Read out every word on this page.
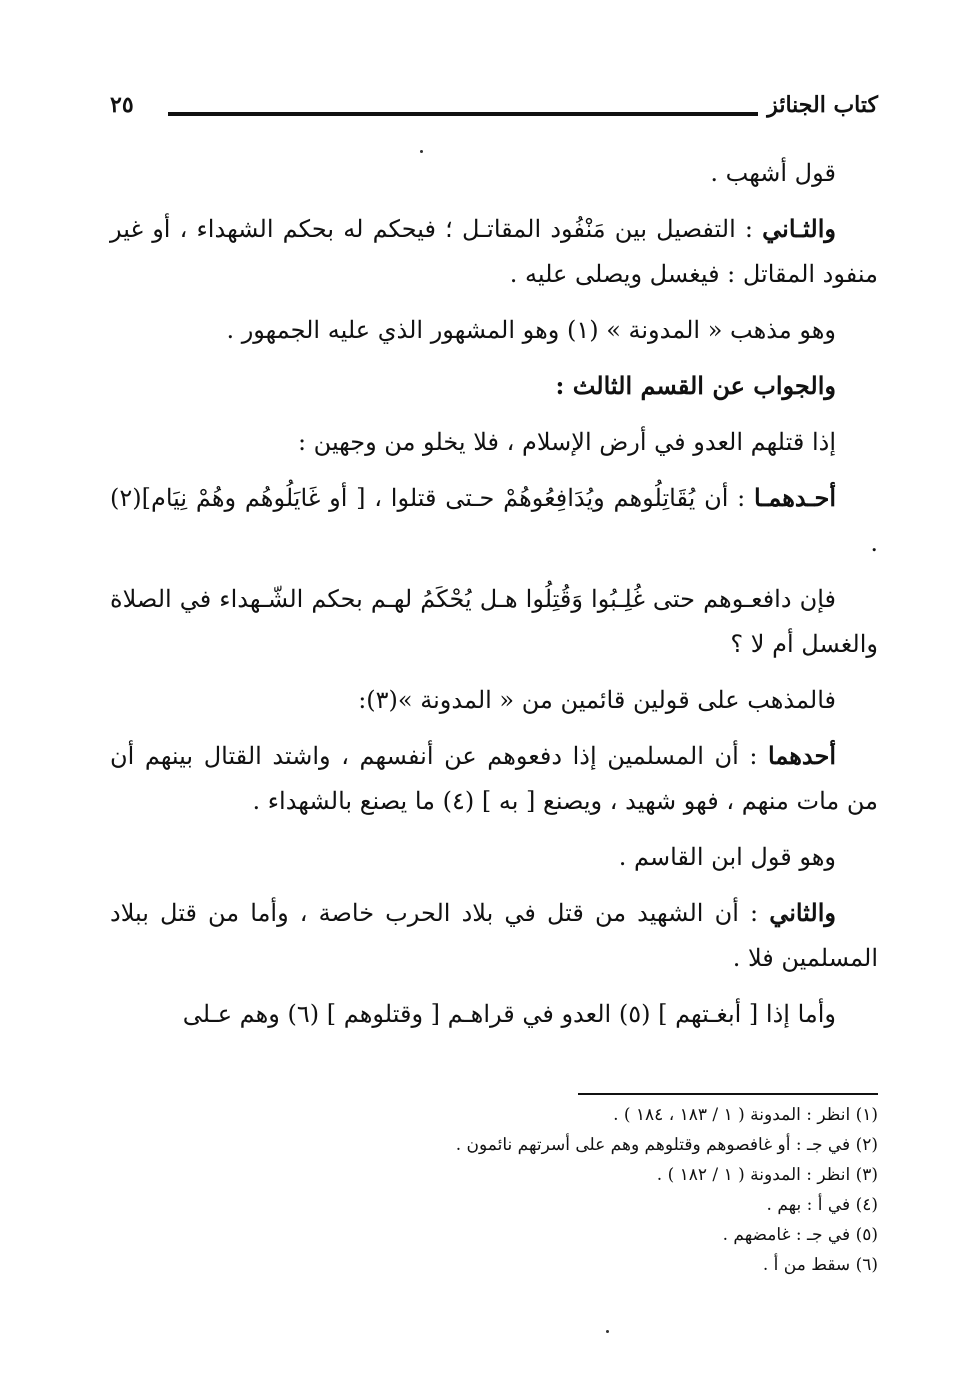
كتاب الجنائز
٢٥

قول أشهب .

والثـاني : التفصيل بين مَنْفُود المقاتـل ؛ فيحكم له بحكم الشهداء ، أو غير منفود المقاتل : فيغسل ويصلى عليه .

وهو مذهب « المدونة » (١) وهو المشهور الذي عليه الجمهور .

والجواب عن القسم الثالث :

إذا قتلهم العدو في أرض الإسلام ، فلا يخلو من وجهين :

أحـدهمـا : أن يُقَاتِلُوهم ويُدَافِعُوهُمْ حـتى قتلوا ، [ أو غَايَلُوهُم وهُمْ نِيَام](٢) .

فإن دافعـوهم حتى غُلِـبُوا وَقُتِلُوا هـل يُحْكَمُ لهـم بحكم الشّـهداء في الصلاة والغسل أم لا ؟

فالمذهب على قولين قائمين من « المدونة »(٣):

أحدهما : أن المسلمين إذا دفعوهم عن أنفسهم ، واشتد القتال بينهم أن من مات منهم ، فهو شهيد ، ويصنع [ به ] (٤) ما يصنع بالشهداء .

وهو قول ابن القاسم .

والثاني : أن الشهيد من قتل في بلاد الحرب خاصة ، وأما من قتل ببلاد المسلمين فلا .

وأما إذا [ أبغـتهم ] (٥) العدو في قراهـم [ وقتلوهم ] (٦) وهم عـلى

(١) انظر : المدونة ( ١ / ١٨٣ ، ١٨٤ ) .

(٢) في جـ : أو غافصوهم وقتلوهم وهم على أسرتهم نائمون .

(٣) انظر : المدونة ( ١ / ١٨٢ ) .

(٤) في أ : بهم .

(٥) في جـ : غامضهم .

(٦) سقط من أ .
